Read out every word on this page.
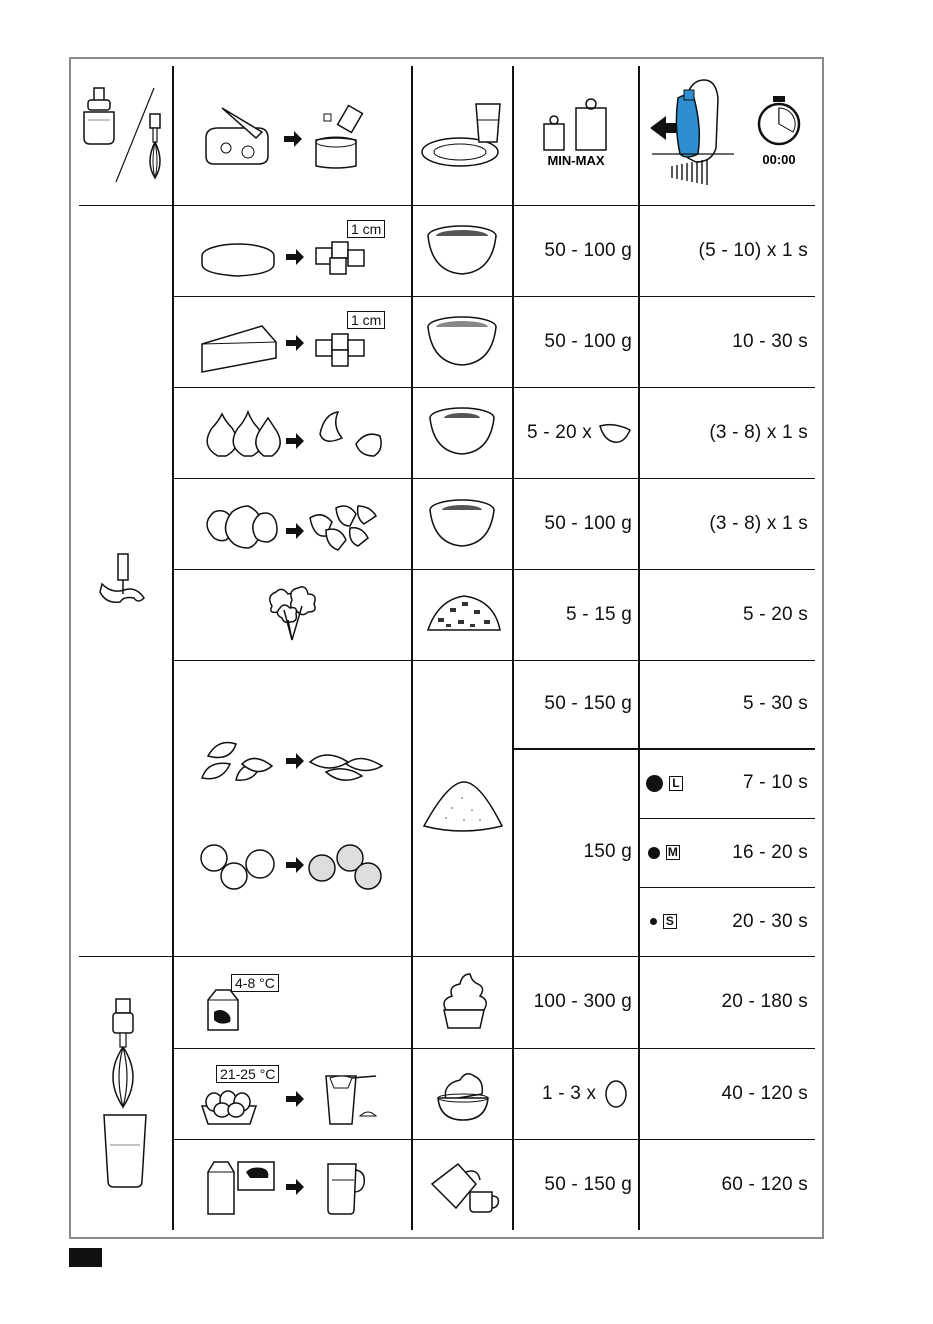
MIN-MAX	00:00
1 cm
50 - 100 g	(5 - 10) x 1 s
1 cm
50 - 100 g	10 - 30 s
5 - 20 x	(3 - 8) x 1 s
50 - 100 g	(3 - 8) x 1 s
5 - 15 g	5 - 20 s
50 - 150 g	5 - 30 s
150 g
L	7 - 10 s
M	16 - 20 s
S	20 - 30 s
4-8 °C
100 - 300 g	20 - 180 s
21-25 °C
1 - 3 x	40 - 120 s
50 - 150 g	60 - 120 s
